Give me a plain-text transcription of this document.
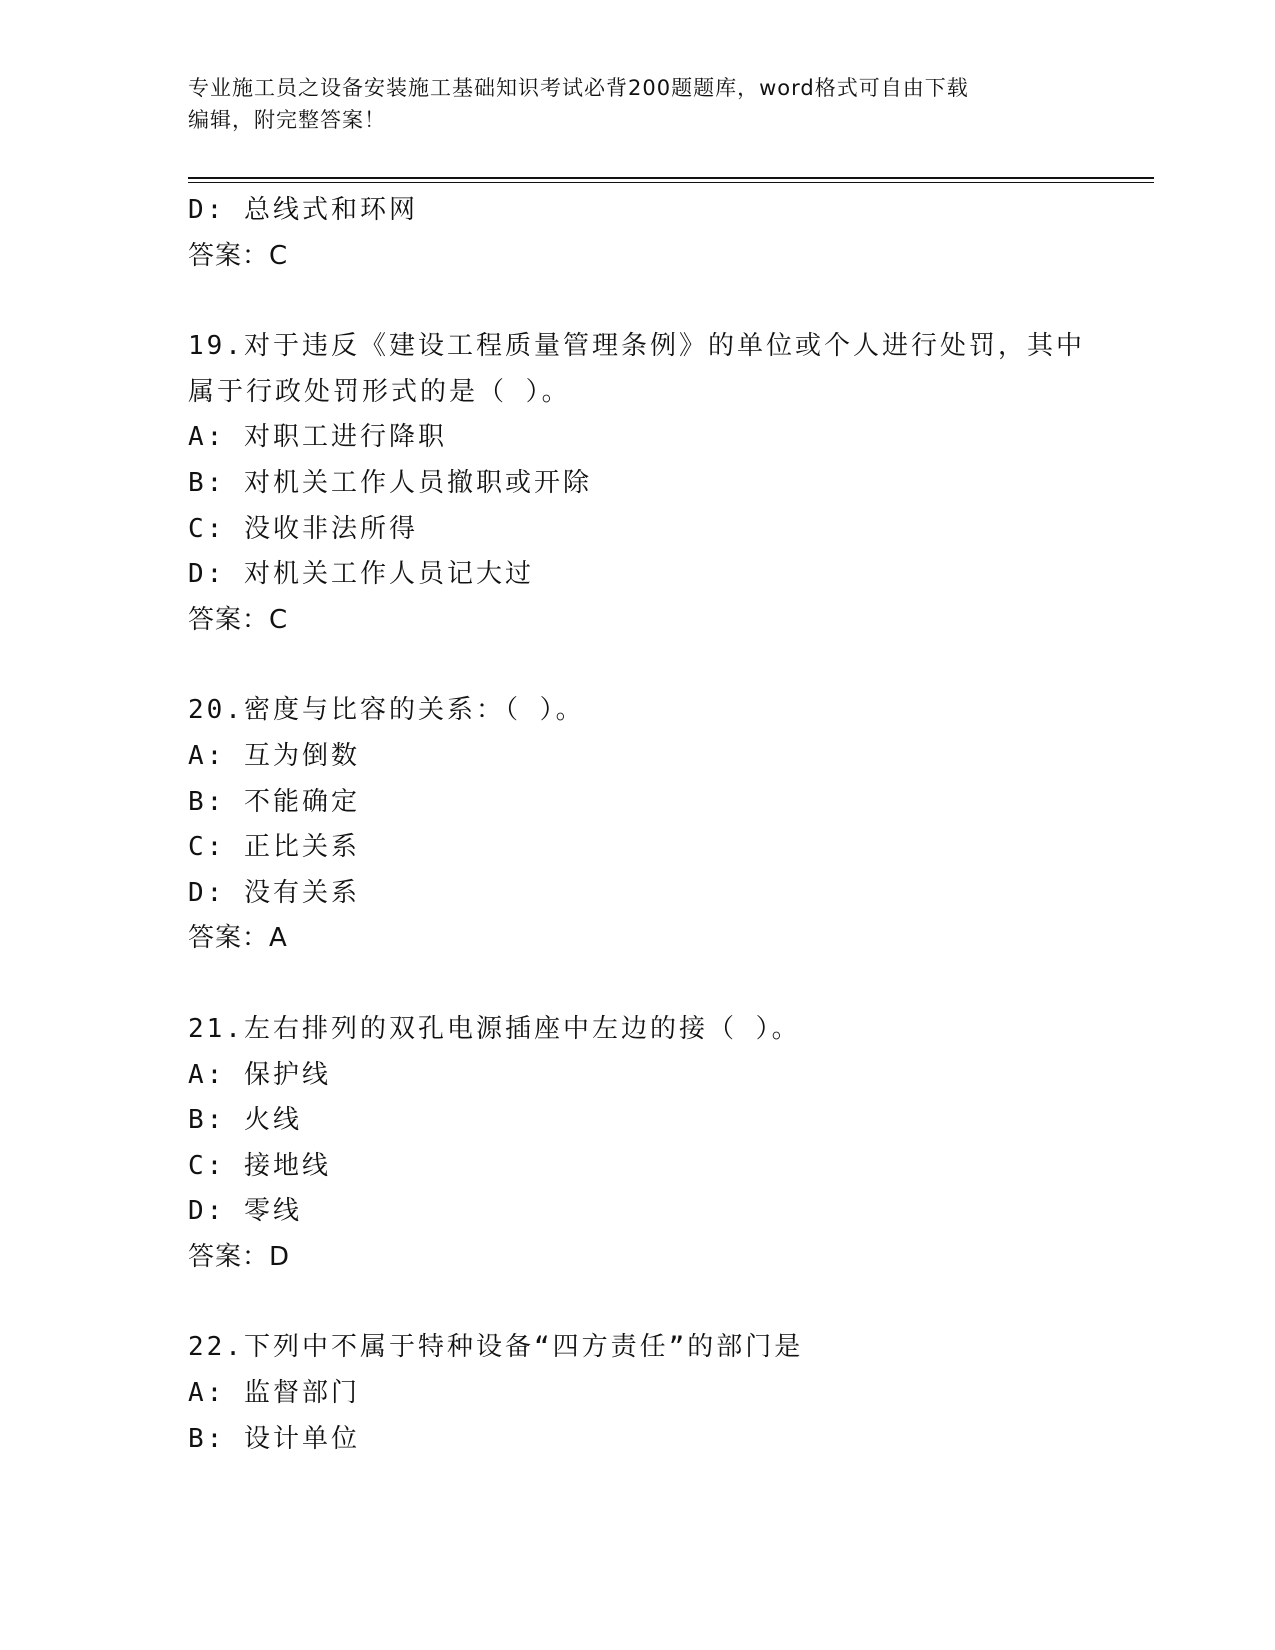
专业施工员之设备安装施工基础知识考试必背200题题库，word格式可自由下载
编辑，附完整答案！
D: 总线式和环网
答案：C
19.对于违反《建设工程质量管理条例》的单位或个人进行处罚，其中
属于行政处罚形式的是（ ）。
A: 对职工进行降职
B: 对机关工作人员撤职或开除
C: 没收非法所得
D: 对机关工作人员记大过
答案：C
20.密度与比容的关系：（ ）。
A: 互为倒数
B: 不能确定
C: 正比关系
D: 没有关系
答案：A
21.左右排列的双孔电源插座中左边的接（ ）。
A: 保护线
B: 火线
C: 接地线
D: 零线
答案：D
22.下列中不属于特种设备“四方责任”的部门是
A: 监督部门
B: 设计单位
